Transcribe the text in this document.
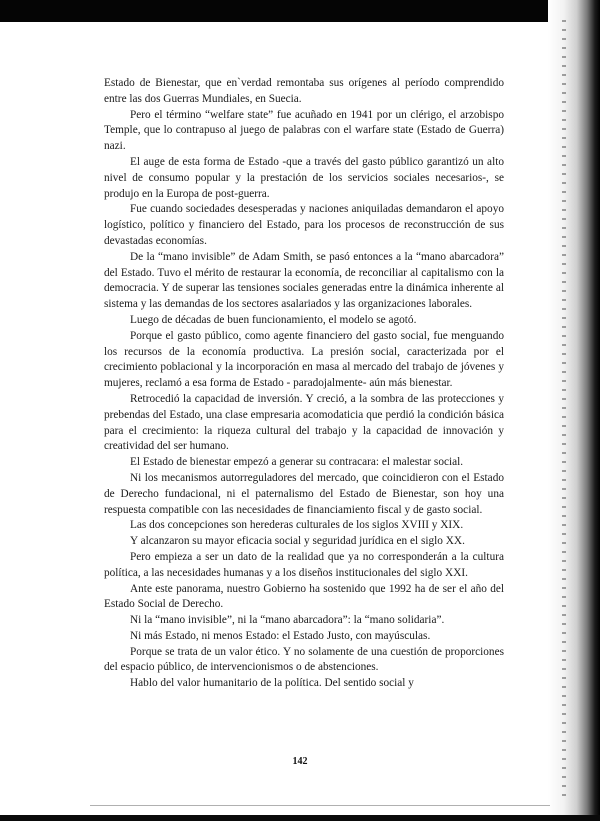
Estado de Bienestar, que en`verdad remontaba sus orígenes al período comprendido entre las dos Guerras Mundiales, en Suecia.

Pero el término “welfare state” fue acuñado en 1941 por un clérigo, el arzobispo Temple, que lo contrapuso al juego de palabras con el warfare state (Estado de Guerra) nazi.

El auge de esta forma de Estado -que a través del gasto público garantizó un alto nivel de consumo popular y la prestación de los servicios sociales necesarios-, se produjo en la Europa de post-guerra.

Fue cuando sociedades desesperadas y naciones aniquiladas demandaron el apoyo logístico, político y financiero del Estado, para los procesos de reconstrucción de sus devastadas economías.

De la “mano invisible” de Adam Smith, se pasó entonces a la “mano abarcadora” del Estado. Tuvo el mérito de restaurar la economía, de reconciliar al capitalismo con la democracia. Y de superar las tensiones sociales generadas entre la dinámica inherente al sistema y las demandas de los sectores asalariados y las organizaciones laborales.

Luego de décadas de buen funcionamiento, el modelo se agotó.

Porque el gasto público, como agente financiero del gasto social, fue menguando los recursos de la economía productiva. La presión social, caracterizada por el crecimiento poblacional y la incorporación en masa al mercado del trabajo de jóvenes y mujeres, reclamó a esa forma de Estado - paradojalmente- aún más bienestar.

Retrocedió la capacidad de inversión. Y creció, a la sombra de las protecciones y prebendas del Estado, una clase empresaria acomodaticia que perdió la condición básica para el crecimiento: la riqueza cultural del trabajo y la capacidad de innovación y creatividad del ser humano.

El Estado de bienestar empezó a generar su contracara: el malestar social.

Ni los mecanismos autorreguladores del mercado, que coincidieron con el Estado de Derecho fundacional, ni el paternalismo del Estado de Bienestar, son hoy una respuesta compatible con las necesidades de financiamiento fiscal y de gasto social.

Las dos concepciones son herederas culturales de los siglos XVIII y XIX.

Y alcanzaron su mayor eficacia social y seguridad jurídica en el siglo XX.

Pero empieza a ser un dato de la realidad que ya no corresponderán a la cultura política, a las necesidades humanas y a los diseños institucionales del siglo XXI.

Ante este panorama, nuestro Gobierno ha sostenido que 1992 ha de ser el año del Estado Social de Derecho.

Ni la “mano invisible”, ni la “mano abarcadora”: la “mano solidaria”.

Ni más Estado, ni menos Estado: el Estado Justo, con mayúsculas.

Porque se trata de un valor ético. Y no solamente de una cuestión de proporciones del espacio público, de intervencionismos o de abstenciones.

Hablo del valor humanitario de la política. Del sentido social y

142
